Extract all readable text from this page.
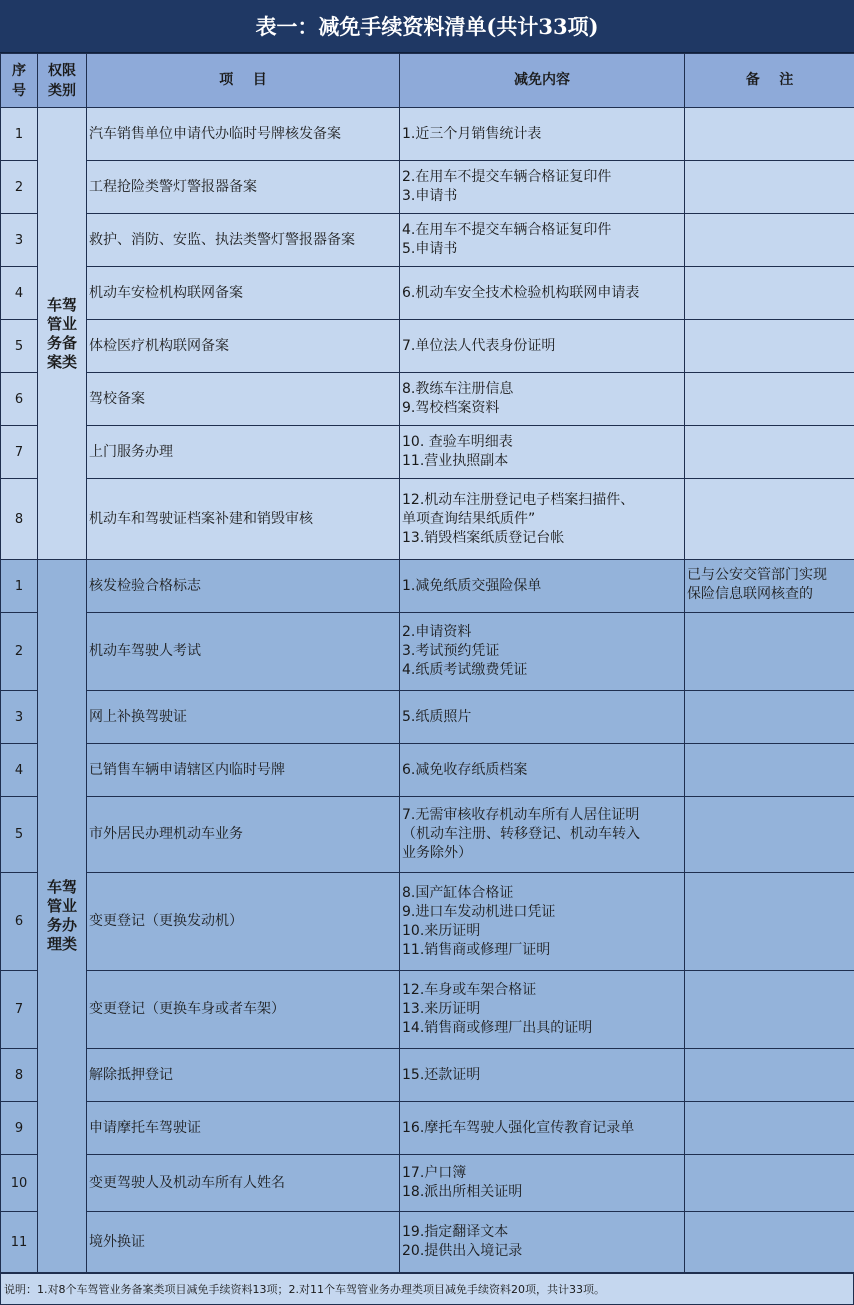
表一：减免手续资料清单(共计33项)
序号	权限类别	项    目	减免内容	备    注
1	车驾管业务备案类	汽车销售单位申请代办临时号牌核发备案	1.近三个月销售统计表	

2		工程抢险类警灯警报器备案	2.在用车不提交车辆合格证复印件
3.申请书	

3		救护、消防、安监、执法类警灯警报器备案	4.在用车不提交车辆合格证复印件
5.申请书	

4		机动车安检机构联网备案	6.机动车安全技术检验机构联网申请表	

5		体检医疗机构联网备案	7.单位法人代表身份证明	

6		驾校备案	8.教练车注册信息
9.驾校档案资料	

7		上门服务办理	10. 查验车明细表
11.营业执照副本	

8		机动车和驾驶证档案补建和销毁审核	12.机动车注册登记电子档案扫描件、
单项查询结果纸质件”
13.销毁档案纸质登记台帐	

1	车驾管业务办理类	核发检验合格标志	1.减免纸质交强险保单	已与公安交管部门实现
保险信息联网核查的

2		机动车驾驶人考试	2.申请资料
3.考试预约凭证
4.纸质考试缴费凭证	

3		网上补换驾驶证	5.纸质照片	

4		已销售车辆申请辖区内临时号牌	6.减免收存纸质档案	

5		市外居民办理机动车业务	7.无需审核收存机动车所有人居住证明
（机动车注册、转移登记、机动车转入
业务除外）	

6		变更登记（更换发动机）	8.国产缸体合格证
9.进口车发动机进口凭证
10.来历证明
11.销售商或修理厂证明	

7		变更登记（更换车身或者车架）	12.车身或车架合格证
13.来历证明
14.销售商或修理厂出具的证明	

8		解除抵押登记	15.还款证明	

9		申请摩托车驾驶证	16.摩托车驾驶人强化宣传教育记录单	

10		变更驾驶人及机动车所有人姓名	17.户口簿
18.派出所相关证明	

11		境外换证	19.指定翻译文本
20.提供出入境记录	

说明：1.对8个车驾管业务备案类项目减免手续资料13项；2.对11个车驾管业务办理类项目减免手续资料20项，共计33项。
